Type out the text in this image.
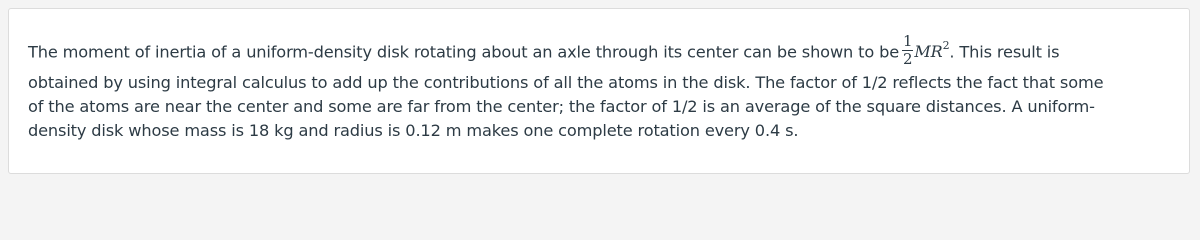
The moment of inertia of a uniform-density disk rotating about an axle through its center can be shown to be $\frac{1}{2} MR^2$. This result is
obtained by using integral calculus to add up the contributions of all the atoms in the disk. The factor of 1/2 reflects the fact that some
of the atoms are near the center and some are far from the center; the factor of 1/2 is an average of the square distances. A uniform-
density disk whose mass is 18 kg and radius is 0.12 m makes one complete rotation every 0.4 s.
